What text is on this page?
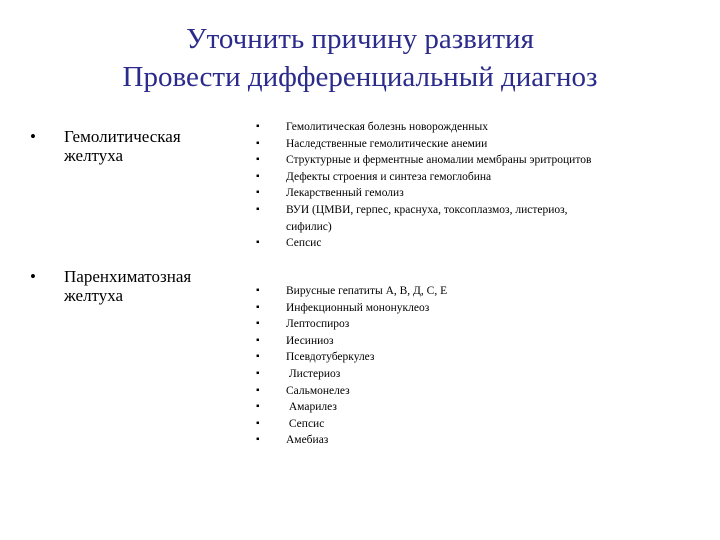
Уточнить причину развития
Провести дифференциальный диагноз
• Гемолитическая
желтуха
▪ Гемолитическая болезнь новорожденных
▪ Наследственные гемолитические анемии
▪ Структурные и ферментные аномалии мембраны эритроцитов
▪ Дефекты строения и синтеза гемоглобина
▪ Лекарственный гемолиз
▪ ВУИ (ЦМВИ, герпес, краснуха, токсоплазмоз, листериоз,
сифилис)
▪ Сепсис
• Паренхиматозная
желтуха	▪ Вирусные гепатиты А, В, Д, С, Е
▪ Инфекционный мононуклеоз
▪ Лептоспироз
▪ Иесиниоз
▪ Псевдотуберкулез
▪ Листериоз
▪ Сальмонелез
▪ Амарилез
▪ Сепсис
▪ Амебиаз
